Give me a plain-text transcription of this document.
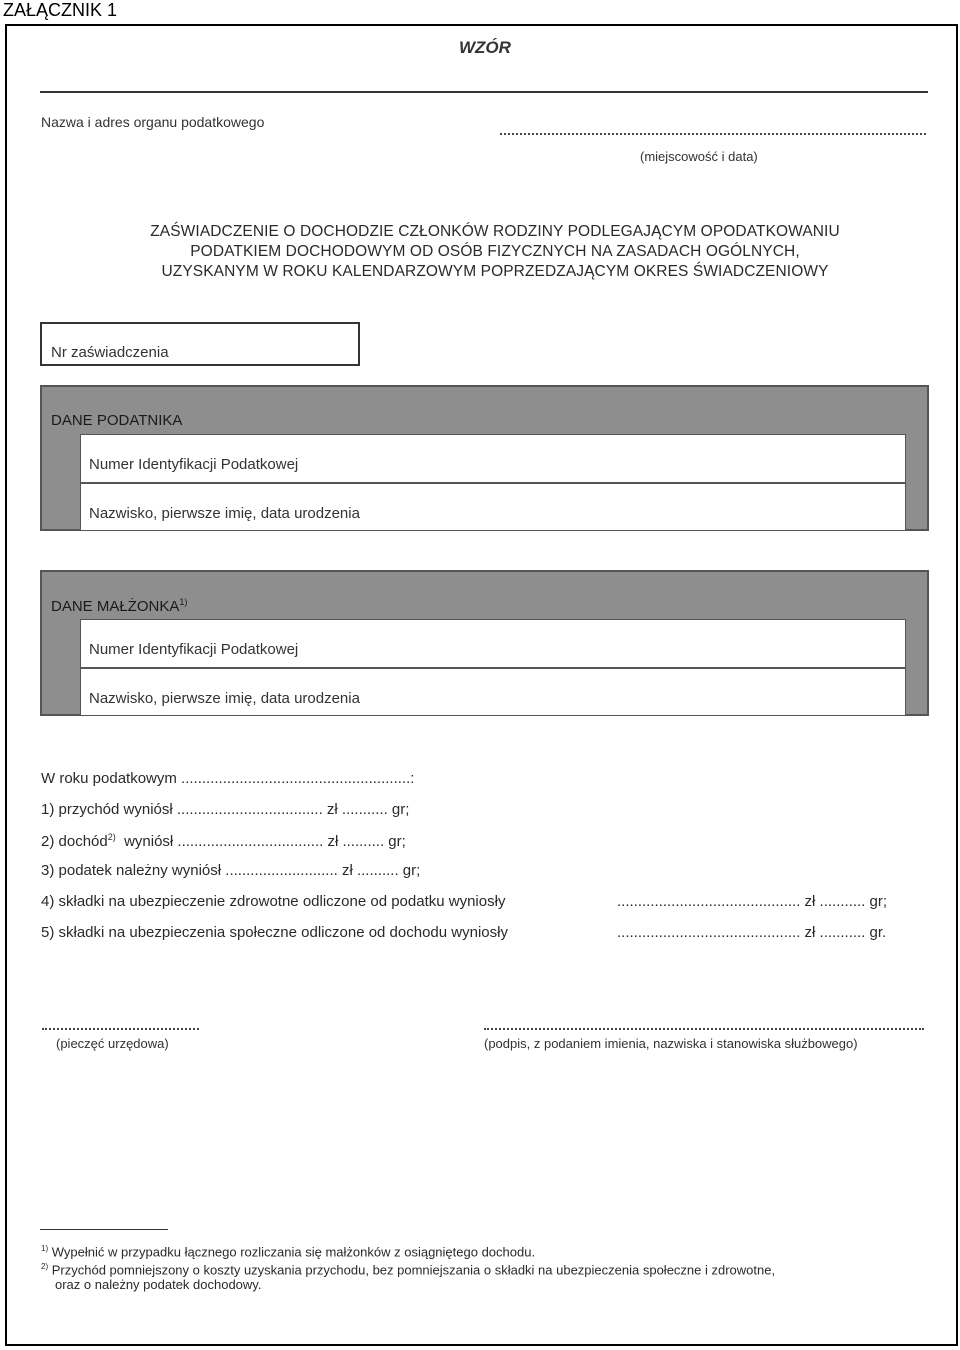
ZAŁĄCZNIK 1
WZÓR
Nazwa i adres organu podatkowego
(miejscowość i data)
ZAŚWIADCZENIE O DOCHODZIE CZŁONKÓW RODZINY PODLEGAJĄCYM OPODATKOWANIU
PODATKIEM DOCHODOWYM OD OSÓB FIZYCZNYCH NA ZASADACH OGÓLNYCH,
UZYSKANYM W ROKU KALENDARZOWYM POPRZEDZAJĄCYM OKRES ŚWIADCZENIOWY
Nr zaświadczenia
DANE PODATNIKA
Numer Identyfikacji Podatkowej
Nazwisko, pierwsze imię, data urodzenia
DANE MAŁŻONKA$^{1)}$
Numer Identyfikacji Podatkowej
Nazwisko, pierwsze imię, data urodzenia
W roku podatkowym .......................................................:
1) przychód wyniósł ................................... zł ........... gr;
2) dochód$^{2)}$  wyniósł ................................... zł .......... gr;
3) podatek należny wyniósł ........................... zł .......... gr;
4) składki na ubezpieczenie zdrowotne odliczone od podatku wyniosły	............................................ zł ........... gr;
5) składki na ubezpieczenia społeczne odliczone od dochodu wyniosły	............................................ zł ........... gr.
(pieczęć urzędowa)	(podpis, z podaniem imienia, nazwiska i stanowiska służbowego)
$^{1)}$ Wypełnić w przypadku łącznego rozliczania się małżonków z osiągniętego dochodu.
$^{2)}$ Przychód pomniejszony o koszty uzyskania przychodu, bez pomniejszania o składki na ubezpieczenia społeczne i zdrowotne,
oraz o należny podatek dochodowy.
